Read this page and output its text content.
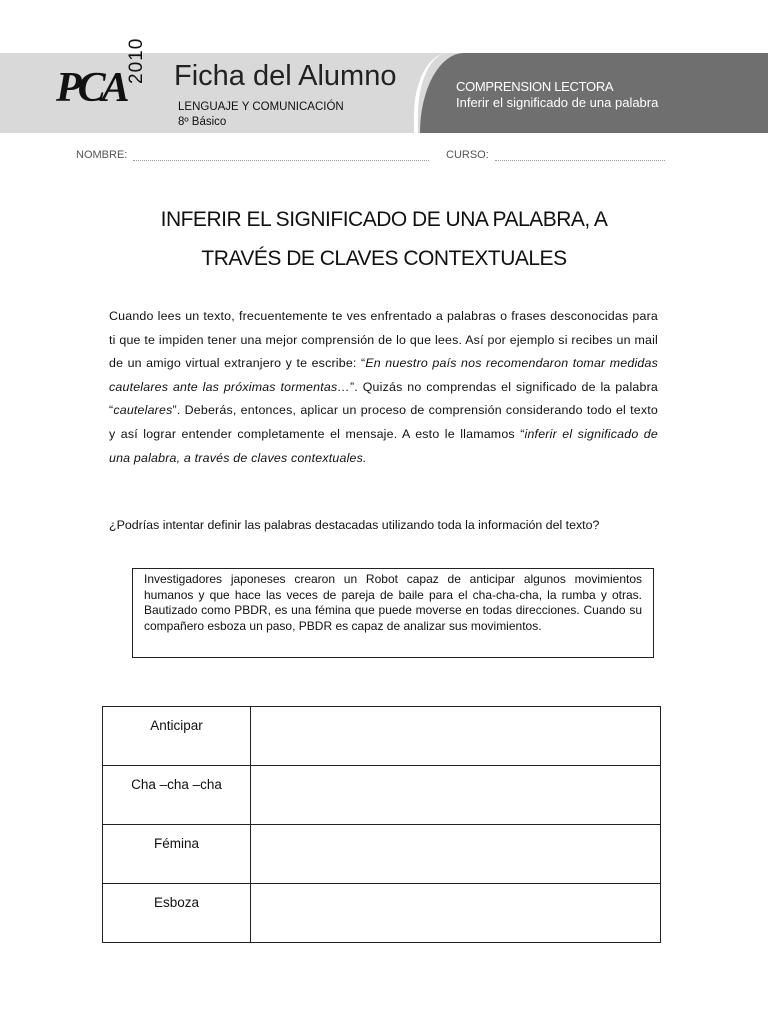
PCA
2010 Ficha del Alumno
LENGUAJE Y COMUNICACIÓN
8º Básico
COMPRENSION LECTORA
Inferir el significado de una palabra
NOMBRE:	CURSO:
INFERIR EL SIGNIFICADO DE UNA PALABRA, A
TRAVÉS DE CLAVES CONTEXTUALES

Cuando lees un texto, frecuentemente te ves enfrentado a palabras o frases desconocidas para ti que te impiden tener una mejor comprensión de lo que lees. Así por ejemplo si recibes un mail de un amigo virtual extranjero y te escribe: “En nuestro país nos recomendaron tomar medidas cautelares ante las próximas tormentas…”. Quizás no comprendas el significado de la palabra “cautelares”. Deberás, entonces, aplicar un proceso de comprensión considerando todo el texto y así lograr entender completamente el mensaje. A esto le llamamos “inferir el significado de una palabra, a través de claves contextuales.

¿Podrías intentar definir las palabras destacadas utilizando toda la información del texto?

Investigadores japoneses crearon un Robot capaz de anticipar algunos movimientos humanos y que hace las veces de pareja de baile para el cha-cha-cha, la rumba y otras. Bautizado como PBDR, es una fémina que puede moverse en todas direcciones. Cuando su compañero esboza un paso, PBDR es capaz de analizar sus movimientos.
Anticipar	
Cha –cha –cha	
Fémina	
Esboza	
